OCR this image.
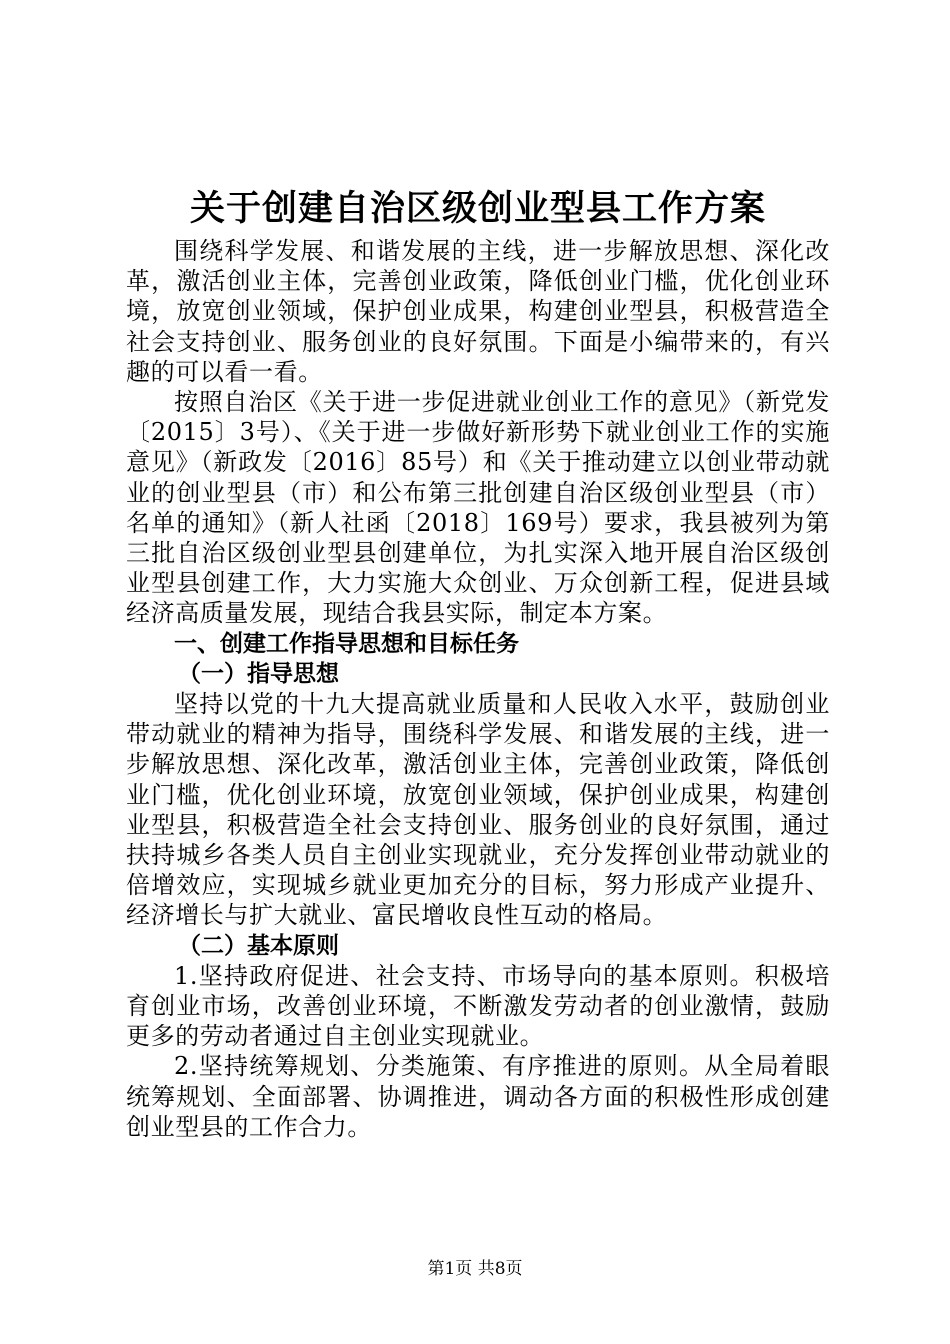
关于创建自治区级创业型县工作方案

围绕科学发展、和谐发展的主线，进一步解放思想、深化改革，激活创业主体，完善创业政策，降低创业门槛，优化创业环境，放宽创业领域，保护创业成果，构建创业型县，积极营造全社会支持创业、服务创业的良好氛围。下面是小编带来的，有兴趣的可以看一看。

按照自治区《关于进一步促进就业创业工作的意见》（新党发〔2015〕3号）、《关于进一步做好新形势下就业创业工作的实施意见》（新政发〔2016〕85号）和《关于推动建立以创业带动就业的创业型县（市）和公布第三批创建自治区级创业型县（市）名单的通知》（新人社函〔2018〕169号）要求，我县被列为第三批自治区级创业型县创建单位，为扎实深入地开展自治区级创业型县创建工作，大力实施大众创业、万众创新工程，促进县域经济高质量发展，现结合我县实际，制定本方案。

一、创建工作指导思想和目标任务

（一）指导思想

坚持以党的十九大提高就业质量和人民收入水平，鼓励创业带动就业的精神为指导，围绕科学发展、和谐发展的主线，进一步解放思想、深化改革，激活创业主体，完善创业政策，降低创业门槛，优化创业环境，放宽创业领域，保护创业成果，构建创业型县，积极营造全社会支持创业、服务创业的良好氛围，通过扶持城乡各类人员自主创业实现就业，充分发挥创业带动就业的倍增效应，实现城乡就业更加充分的目标，努力形成产业提升、经济增长与扩大就业、富民增收良性互动的格局。

（二）基本原则

1.坚持政府促进、社会支持、市场导向的基本原则。积极培育创业市场，改善创业环境，不断激发劳动者的创业激情，鼓励更多的劳动者通过自主创业实现就业。

2.坚持统筹规划、分类施策、有序推进的原则。从全局着眼统筹规划、全面部署、协调推进，调动各方面的积极性形成创建创业型县的工作合力。

第1页 共8页
